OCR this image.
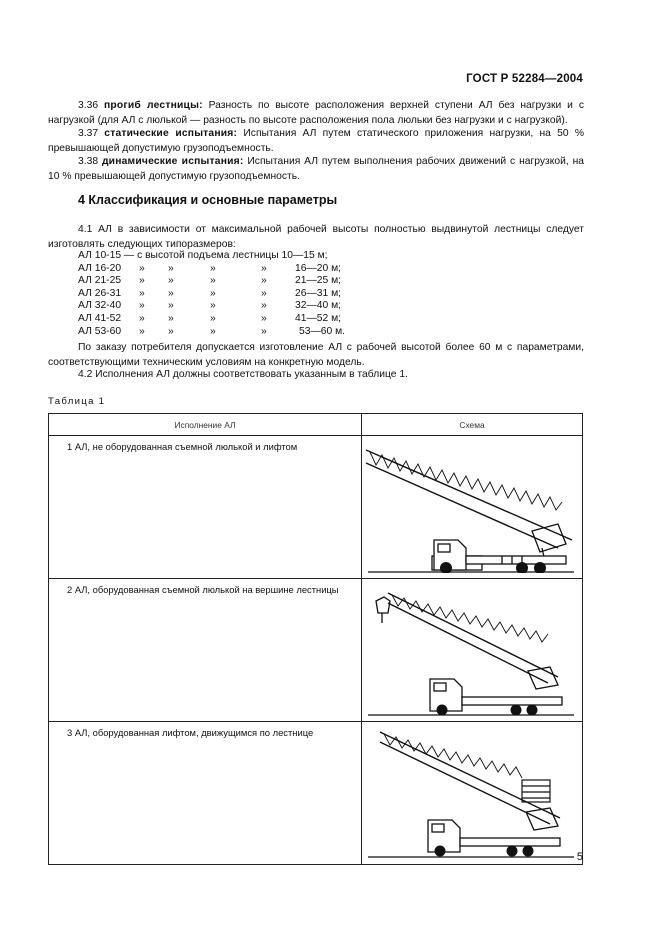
ГОСТ Р 52284—2004

3.36 прогиб лестницы: Разность по высоте расположения верхней ступени АЛ без нагрузки и с нагрузкой (для АЛ с люлькой — разность по высоте расположения пола люльки без нагрузки и с нагрузкой).

3.37 статические испытания: Испытания АЛ путем статического приложения нагрузки, на 50 % превышающей допустимую грузоподъемность.

3.38 динамические испытания: Испытания АЛ путем выполнения рабочих движений с нагрузкой, на 10 % превышающей допустимую грузоподъемность.

4 Классификация и основные параметры

4.1 АЛ в зависимости от максимальной рабочей высоты полностью выдвинутой лестницы следует изготовлять следующих типоразмеров:

АЛ 10-15 — с высотой подъема лестницы 10—15 м;
АЛ 16-20 » »	»	»	16—20 м;
АЛ 21-25 » »	»	»	21—25 м;
АЛ 26-31 » »	»	»	26—31 м;
АЛ 32-40 » »	»	»	32—40 м;
АЛ 41-52 » »	»	»	41—52 м;
АЛ 53-60 » »	»	»	53—60 м.

По заказу потребителя допускается изготовление АЛ с рабочей высотой более 60 м с параметрами, соответствующими техническим условиям на конкретную модель.

4.2 Исполнения АЛ должны соответствовать указанным в таблице 1.

Таблица 1
Исполнение АЛ	Схема
1 АЛ, не оборудованная съемной люлькой и лифтом	

2 АЛ, оборудованная съемной люлькой на вершине лестницы	

3 АЛ, оборудованная лифтом, движущимся по лестнице	
5
